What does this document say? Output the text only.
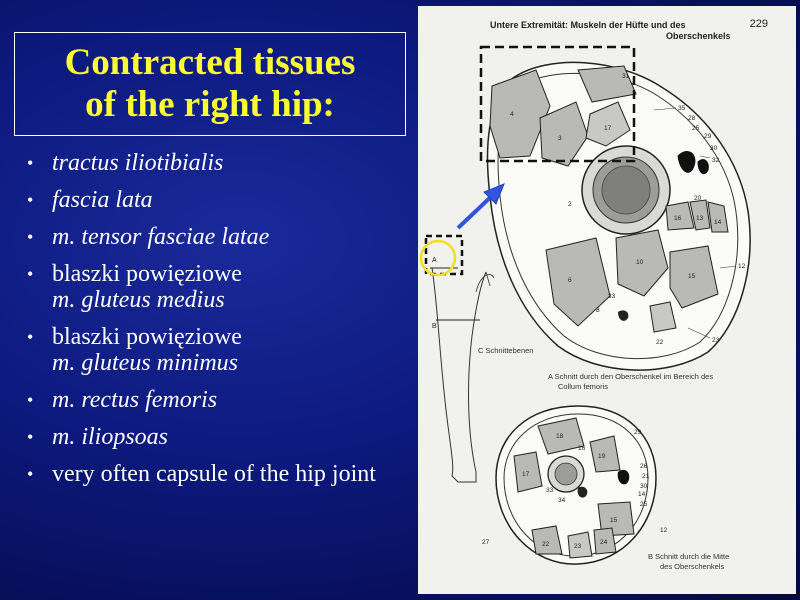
Contracted tissues
of the right hip:
• tractus iliotibialis
• fascia lata
• m. tensor fasciae latae
• blaszki powięziowe
m. gluteus medius
• blaszki powięziowe
m. gluteus minimus
• m. rectus femoris
• m. iliopsoas
• very often capsule of the hip joint
Untere Extremität: Muskeln der Hüfte und des
Oberschenkels
229
4
3
17
2
6
10
15
16 13
14
20
33
8
31
35
29
30
32
12
22	23
28
25
A
B
18
19
17
16
15
22	23
24
29
26
21
30
14
25
12
27
33
34
A Schnitt durch den Oberschenkel im Bereich des
Collum femoris
C Schnittebenen
B Schnitt durch die Mitte
des Oberschenkels
